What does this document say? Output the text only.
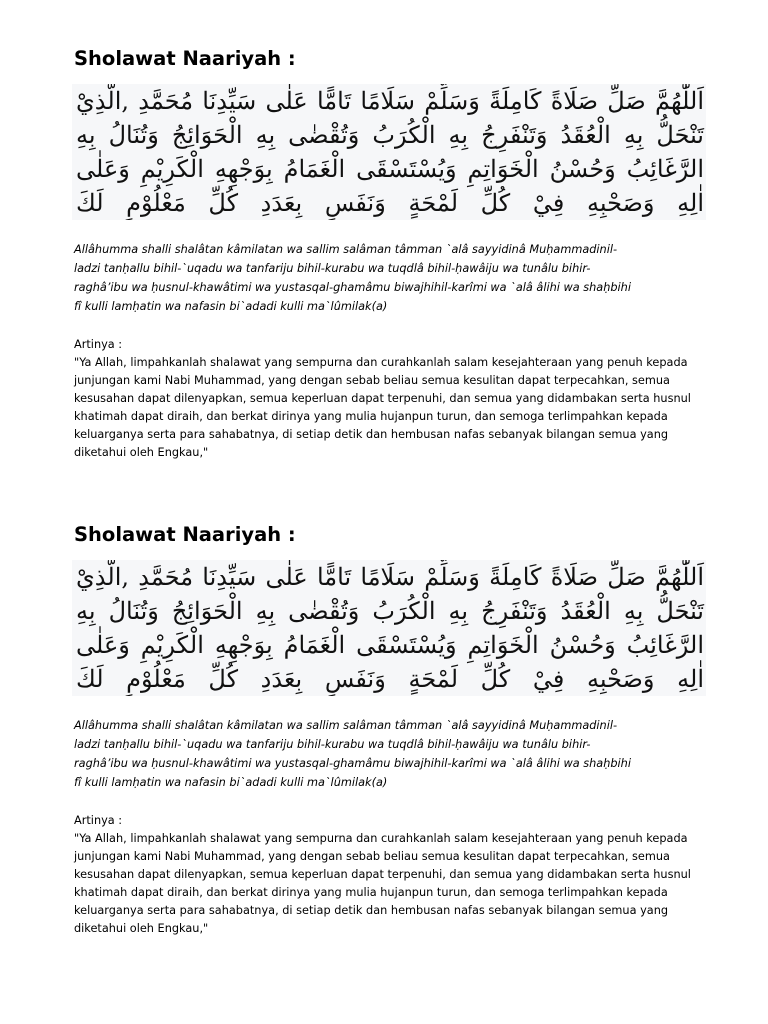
Sholawat Naariyah :
اَللّٰهُمَّ صَلِّ صَلَاةً كَامِلَةً وَسَلِّمْ سَلَامًا تَامًّا عَلٰى سَيِّدِنَا مُحَمَّدِ ,الَّذِيْ تَنْحَلُّ بِهِ الْعُقَدُ وَتَنْفَرِجُ بِهِ الْكُرَبُ وَتُقْضٰى بِهِ الْحَوَائِجُ وَتُنَالُ بِهِ الرَّغَائِبُ وَحُسْنُ الْخَوَاتِمِ وَيُسْتَسْقَى الْغَمَامُ بِوَجْهِهِ الْكَرِيْمِ وَعَلٰى اٰلِهِ وَصَحْبِهِ فِيْ كُلِّ لَمْحَةٍ وَنَفَسٍ بِعَدَدِ كُلِّ مَعْلُوْمٍ لَكَ
Allâhumma shalli shalâtan kâmilatan wa sallim salâman tâmman `alâ sayyidinâ Muḥammadinil-
ladzi tanḥallu bihil-`uqadu wa tanfariju bihil-kurabu wa tuqdlâ bihil-ḥawâiju wa tunâlu bihir-
raghâ’ibu wa ḥusnul-khawâtimi wa yustasqal-ghamâmu biwajhihil-karîmi wa `alâ âlihi wa shaḥbihi
fî kulli lamḥatin wa nafasin bi`adadi kulli ma`lûmilak(a)
Artinya :
"Ya Allah, limpahkanlah shalawat yang sempurna dan curahkanlah salam kesejahteraan yang penuh kepada
junjungan kami Nabi Muhammad, yang dengan sebab beliau semua kesulitan dapat terpecahkan, semua
kesusahan dapat dilenyapkan, semua keperluan dapat terpenuhi, dan semua yang didambakan serta husnul
khatimah dapat diraih, dan berkat dirinya yang mulia hujanpun turun, dan semoga terlimpahkan kepada
keluarganya serta para sahabatnya, di setiap detik dan hembusan nafas sebanyak bilangan semua yang
diketahui oleh Engkau,"
Sholawat Naariyah :
اَللّٰهُمَّ صَلِّ صَلَاةً كَامِلَةً وَسَلِّمْ سَلَامًا تَامًّا عَلٰى سَيِّدِنَا مُحَمَّدِ ,الَّذِيْ تَنْحَلُّ بِهِ الْعُقَدُ وَتَنْفَرِجُ بِهِ الْكُرَبُ وَتُقْضٰى بِهِ الْحَوَائِجُ وَتُنَالُ بِهِ الرَّغَائِبُ وَحُسْنُ الْخَوَاتِمِ وَيُسْتَسْقَى الْغَمَامُ بِوَجْهِهِ الْكَرِيْمِ وَعَلٰى اٰلِهِ وَصَحْبِهِ فِيْ كُلِّ لَمْحَةٍ وَنَفَسٍ بِعَدَدِ كُلِّ مَعْلُوْمٍ لَكَ
Allâhumma shalli shalâtan kâmilatan wa sallim salâman tâmman `alâ sayyidinâ Muḥammadinil-
ladzi tanḥallu bihil-`uqadu wa tanfariju bihil-kurabu wa tuqdlâ bihil-ḥawâiju wa tunâlu bihir-
raghâ’ibu wa ḥusnul-khawâtimi wa yustasqal-ghamâmu biwajhihil-karîmi wa `alâ âlihi wa shaḥbihi
fî kulli lamḥatin wa nafasin bi`adadi kulli ma`lûmilak(a)
Artinya :
"Ya Allah, limpahkanlah shalawat yang sempurna dan curahkanlah salam kesejahteraan yang penuh kepada
junjungan kami Nabi Muhammad, yang dengan sebab beliau semua kesulitan dapat terpecahkan, semua
kesusahan dapat dilenyapkan, semua keperluan dapat terpenuhi, dan semua yang didambakan serta husnul
khatimah dapat diraih, dan berkat dirinya yang mulia hujanpun turun, dan semoga terlimpahkan kepada
keluarganya serta para sahabatnya, di setiap detik dan hembusan nafas sebanyak bilangan semua yang
diketahui oleh Engkau,"
